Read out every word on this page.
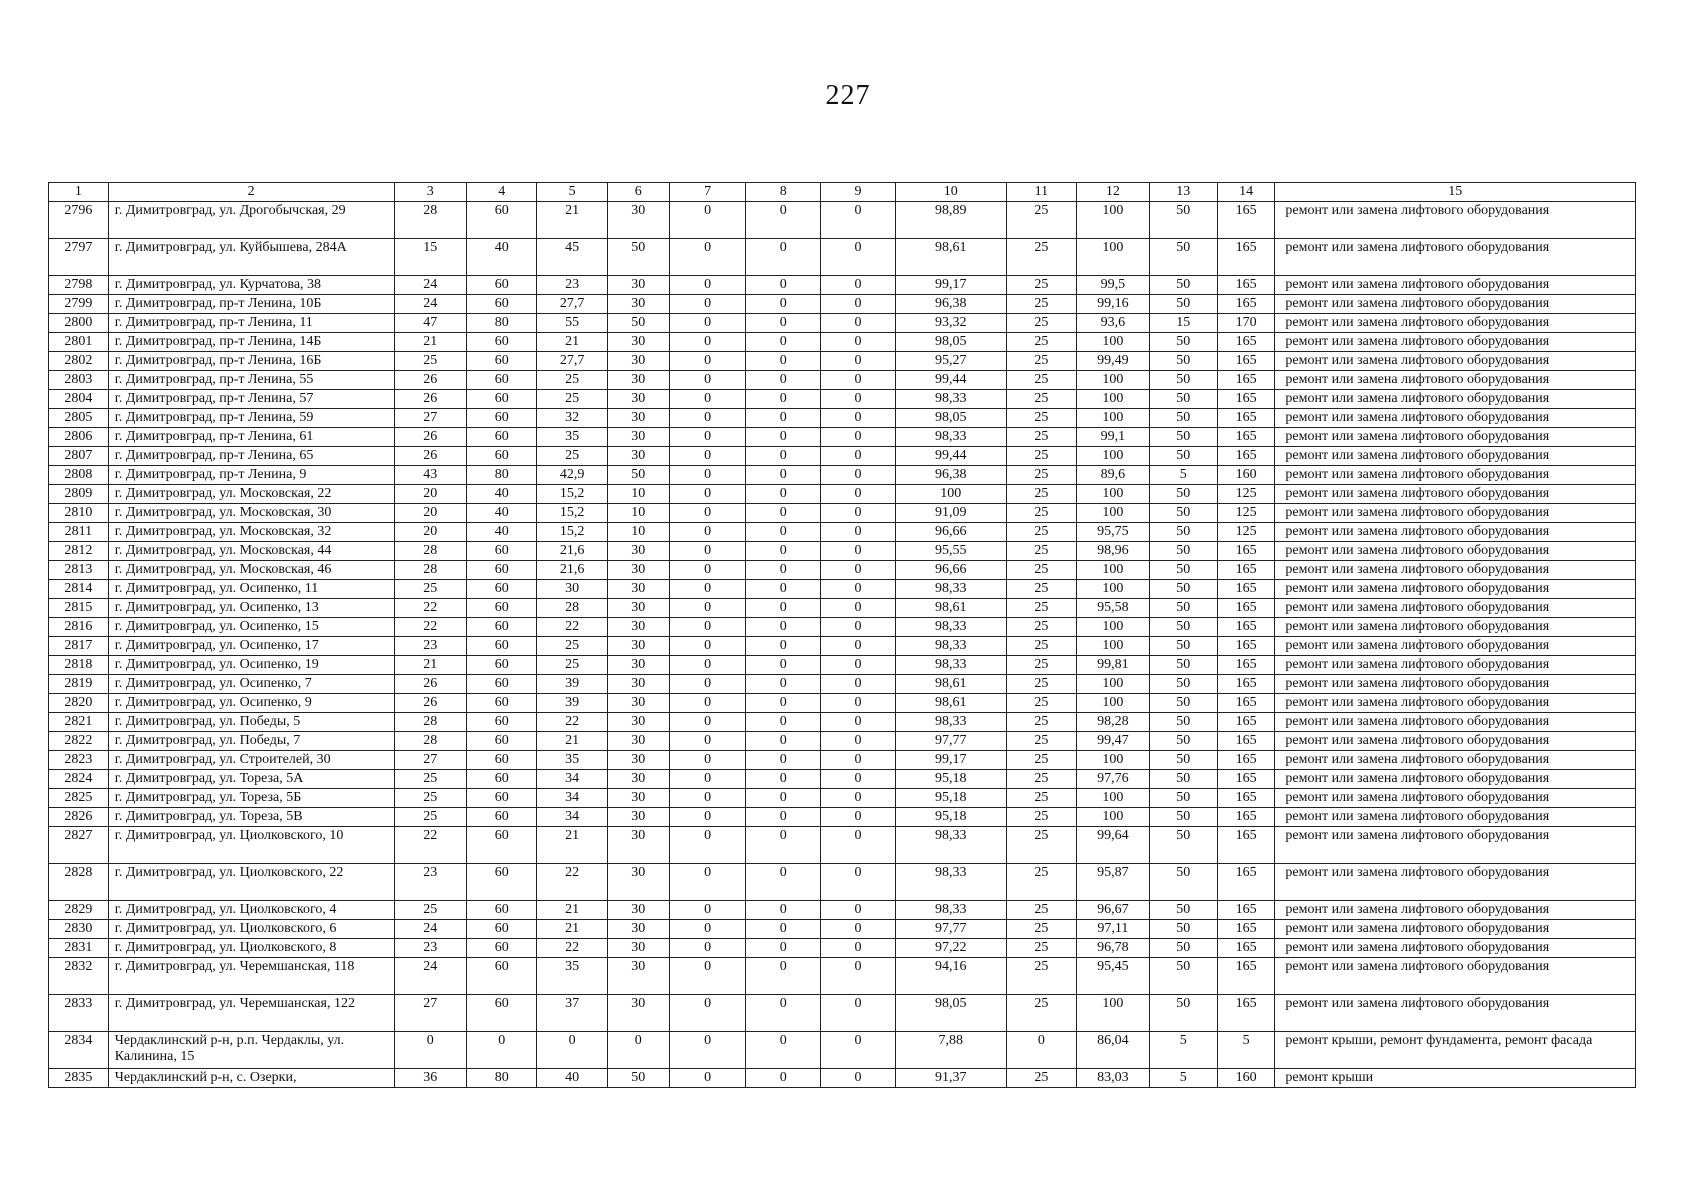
227
1	2	3	4	5	6	7	8	9	10	11	12	13	14	15
2796	г. Димитровград, ул. Дрогобычская, 29	28	60	21	30	0	0	0	98,89	25	100	50	165	ремонт или замена лифтового оборудования
2797	г. Димитровград, ул. Куйбышева, 284А	15	40	45	50	0	0	0	98,61	25	100	50	165	ремонт или замена лифтового оборудования
2798	г. Димитровград, ул. Курчатова, 38	24	60	23	30	0	0	0	99,17	25	99,5	50	165	ремонт или замена лифтового оборудования
2799	г. Димитровград, пр-т Ленина, 10Б	24	60	27,7	30	0	0	0	96,38	25	99,16	50	165	ремонт или замена лифтового оборудования
2800	г. Димитровград, пр-т Ленина, 11	47	80	55	50	0	0	0	93,32	25	93,6	15	170	ремонт или замена лифтового оборудования
2801	г. Димитровград, пр-т Ленина, 14Б	21	60	21	30	0	0	0	98,05	25	100	50	165	ремонт или замена лифтового оборудования
2802	г. Димитровград, пр-т Ленина, 16Б	25	60	27,7	30	0	0	0	95,27	25	99,49	50	165	ремонт или замена лифтового оборудования
2803	г. Димитровград, пр-т Ленина, 55	26	60	25	30	0	0	0	99,44	25	100	50	165	ремонт или замена лифтового оборудования
2804	г. Димитровград, пр-т Ленина, 57	26	60	25	30	0	0	0	98,33	25	100	50	165	ремонт или замена лифтового оборудования
2805	г. Димитровград, пр-т Ленина, 59	27	60	32	30	0	0	0	98,05	25	100	50	165	ремонт или замена лифтового оборудования
2806	г. Димитровград, пр-т Ленина, 61	26	60	35	30	0	0	0	98,33	25	99,1	50	165	ремонт или замена лифтового оборудования
2807	г. Димитровград, пр-т Ленина, 65	26	60	25	30	0	0	0	99,44	25	100	50	165	ремонт или замена лифтового оборудования
2808	г. Димитровград, пр-т Ленина, 9	43	80	42,9	50	0	0	0	96,38	25	89,6	5	160	ремонт или замена лифтового оборудования
2809	г. Димитровград, ул. Московская, 22	20	40	15,2	10	0	0	0	100	25	100	50	125	ремонт или замена лифтового оборудования
2810	г. Димитровград, ул. Московская, 30	20	40	15,2	10	0	0	0	91,09	25	100	50	125	ремонт или замена лифтового оборудования
2811	г. Димитровград, ул. Московская, 32	20	40	15,2	10	0	0	0	96,66	25	95,75	50	125	ремонт или замена лифтового оборудования
2812	г. Димитровград, ул. Московская, 44	28	60	21,6	30	0	0	0	95,55	25	98,96	50	165	ремонт или замена лифтового оборудования
2813	г. Димитровград, ул. Московская, 46	28	60	21,6	30	0	0	0	96,66	25	100	50	165	ремонт или замена лифтового оборудования
2814	г. Димитровград, ул. Осипенко, 11	25	60	30	30	0	0	0	98,33	25	100	50	165	ремонт или замена лифтового оборудования
2815	г. Димитровград, ул. Осипенко, 13	22	60	28	30	0	0	0	98,61	25	95,58	50	165	ремонт или замена лифтового оборудования
2816	г. Димитровград, ул. Осипенко, 15	22	60	22	30	0	0	0	98,33	25	100	50	165	ремонт или замена лифтового оборудования
2817	г. Димитровград, ул. Осипенко, 17	23	60	25	30	0	0	0	98,33	25	100	50	165	ремонт или замена лифтового оборудования
2818	г. Димитровград, ул. Осипенко, 19	21	60	25	30	0	0	0	98,33	25	99,81	50	165	ремонт или замена лифтового оборудования
2819	г. Димитровград, ул. Осипенко, 7	26	60	39	30	0	0	0	98,61	25	100	50	165	ремонт или замена лифтового оборудования
2820	г. Димитровград, ул. Осипенко, 9	26	60	39	30	0	0	0	98,61	25	100	50	165	ремонт или замена лифтового оборудования
2821	г. Димитровград, ул. Победы, 5	28	60	22	30	0	0	0	98,33	25	98,28	50	165	ремонт или замена лифтового оборудования
2822	г. Димитровград, ул. Победы, 7	28	60	21	30	0	0	0	97,77	25	99,47	50	165	ремонт или замена лифтового оборудования
2823	г. Димитровград, ул. Строителей, 30	27	60	35	30	0	0	0	99,17	25	100	50	165	ремонт или замена лифтового оборудования
2824	г. Димитровград, ул. Тореза, 5А	25	60	34	30	0	0	0	95,18	25	97,76	50	165	ремонт или замена лифтового оборудования
2825	г. Димитровград, ул. Тореза, 5Б	25	60	34	30	0	0	0	95,18	25	100	50	165	ремонт или замена лифтового оборудования
2826	г. Димитровград, ул. Тореза, 5В	25	60	34	30	0	0	0	95,18	25	100	50	165	ремонт или замена лифтового оборудования
2827	г. Димитровград, ул. Циолковского, 10	22	60	21	30	0	0	0	98,33	25	99,64	50	165	ремонт или замена лифтового оборудования
2828	г. Димитровград, ул. Циолковского, 22	23	60	22	30	0	0	0	98,33	25	95,87	50	165	ремонт или замена лифтового оборудования
2829	г. Димитровград, ул. Циолковского, 4	25	60	21	30	0	0	0	98,33	25	96,67	50	165	ремонт или замена лифтового оборудования
2830	г. Димитровград, ул. Циолковского, 6	24	60	21	30	0	0	0	97,77	25	97,11	50	165	ремонт или замена лифтового оборудования
2831	г. Димитровград, ул. Циолковского, 8	23	60	22	30	0	0	0	97,22	25	96,78	50	165	ремонт или замена лифтового оборудования
2832	г. Димитровград, ул. Черемшанская, 118	24	60	35	30	0	0	0	94,16	25	95,45	50	165	ремонт или замена лифтового оборудования
2833	г. Димитровград, ул. Черемшанская, 122	27	60	37	30	0	0	0	98,05	25	100	50	165	ремонт или замена лифтового оборудования
2834	Чердаклинский р-н, р.п. Чердаклы, ул. Калинина, 15	0	0	0	0	0	0	0	7,88	0	86,04	5	5	ремонт крыши, ремонт фундамента, ремонт фасада
2835	Чердаклинский р-н, с. Озерки,	36	80	40	50	0	0	0	91,37	25	83,03	5	160	ремонт крыши
